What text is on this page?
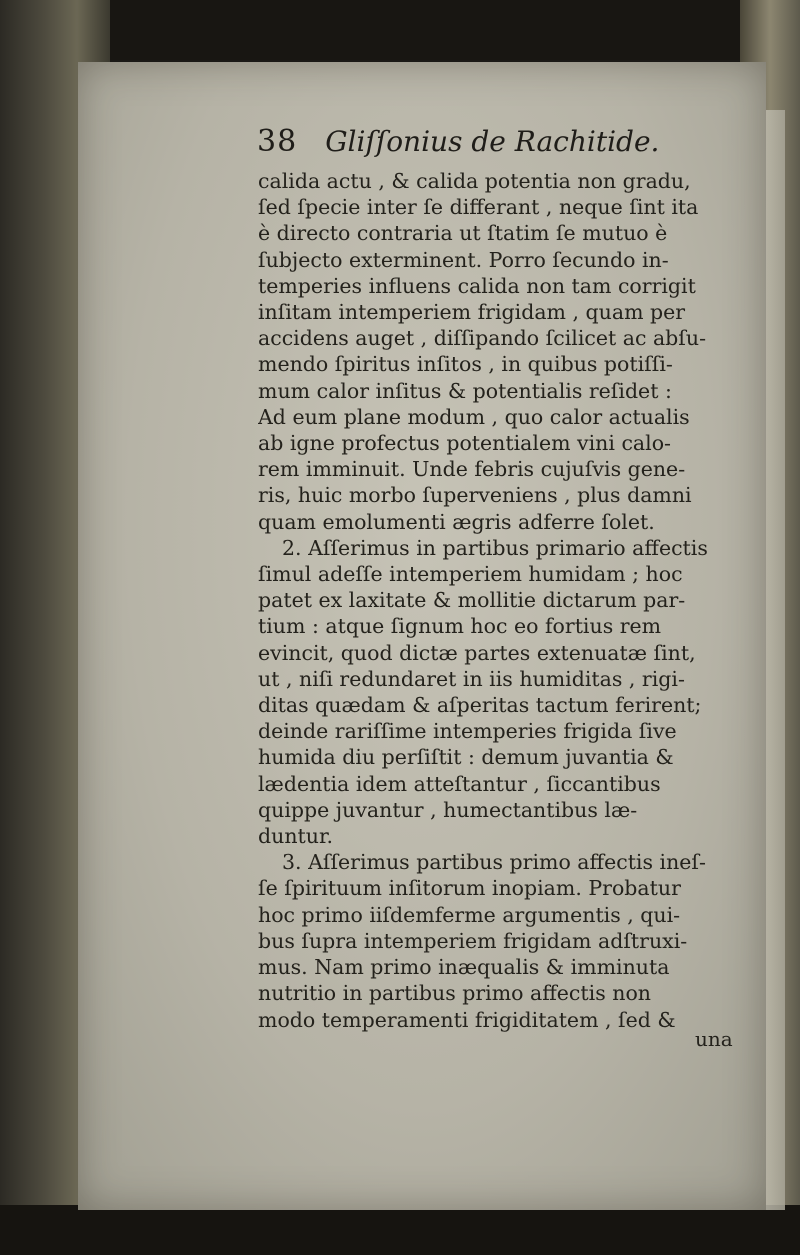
38 Gliſſonius de Rachitide.
calida actu , & calida potentia non gradu,
ſed ſpecie inter ſe differant , neque ſint ita
è directo contraria ut ſtatim ſe mutuo è
ſubjecto exterminent. Porro ſecundo in-
temperies influens calida non tam corrigit
inſitam intemperiem frigidam , quam per
accidens auget , diſſipando ſcilicet ac abſu-
mendo ſpiritus inſitos , in quibus potiſſi-
mum calor inſitus & potentialis reſidet :
Ad eum plane modum , quo calor actualis
ab igne profectus potentialem vini calo-
rem imminuit. Unde febris cujuſvis gene-
ris, huic morbo ſuperveniens , plus damni
quam emolumenti ægris adferre ſolet.
2. Aſſerimus in partibus primario affectis
ſimul adeſſe intemperiem humidam ; hoc
patet ex laxitate & mollitie dictarum par-
tium : atque ſignum hoc eo fortius rem
evincit, quod dictæ partes extenuatæ ſint,
ut , niſi redundaret in iis humiditas , rigi-
ditas quædam & aſperitas tactum ferirent;
deinde rariſſime intemperies frigida ſive
humida diu perſiſtit : demum juvantia &
lædentia idem atteſtantur , ſiccantibus
quippe juvantur , humectantibus læ-
duntur.
3. Aſſerimus partibus primo affectis ineſ-
ſe ſpirituum inſitorum inopiam. Probatur
hoc primo iiſdemferme argumentis , qui-
bus ſupra intemperiem frigidam adſtruxi-
mus. Nam primo inæqualis & imminuta
nutritio in partibus primo affectis non
modo temperamenti frigiditatem , ſed &
una
